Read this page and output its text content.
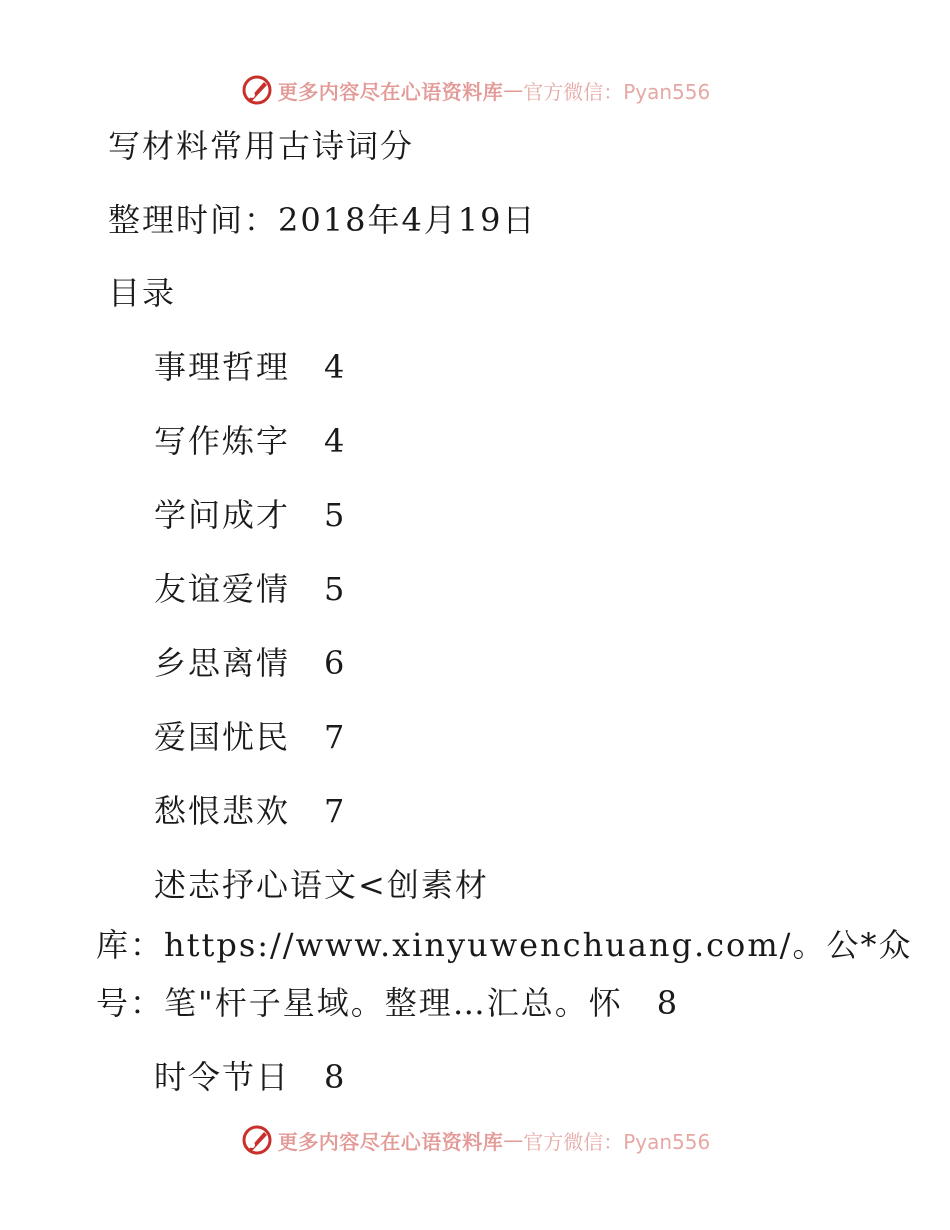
更多内容尽在心语资料库 — 官方微信：Pyan556
写材料常用古诗词分
整理时间：2018年4月19日
目录
事理哲理 4
写作炼字 4
学问成才 5
友谊爱情 5
乡思离情 6
爱国忧民 7
愁恨悲欢 7
述志抒心语文<创素材
库：https://www.xinyuwenchuang.com/。公*众
号：笔"杆子星域。整理…汇总。怀 8
时令节日 8
更多内容尽在心语资料库 — 官方微信：Pyan556
